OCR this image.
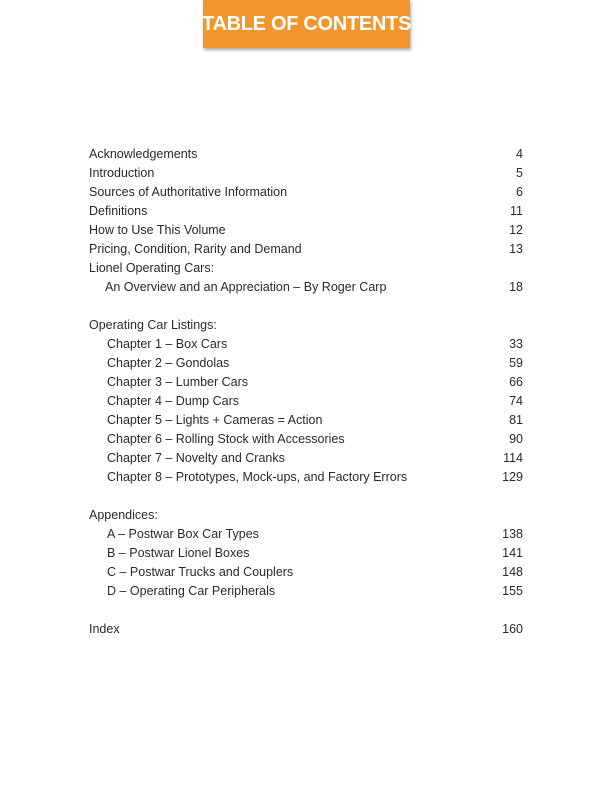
TABLE OF CONTENTS
Acknowledgements	4
Introduction	5
Sources of Authoritative Information	6
Definitions	11
How to Use This Volume	12
Pricing, Condition, Rarity and Demand	13
Lionel Operating Cars:
An Overview and an Appreciation – By Roger Carp	18
Operating Car Listings:
Chapter 1 – Box Cars	33
Chapter 2 – Gondolas	59
Chapter 3 – Lumber Cars	66
Chapter 4 – Dump Cars	74
Chapter 5 – Lights + Cameras = Action	81
Chapter 6 – Rolling Stock with Accessories	90
Chapter 7 – Novelty and Cranks	114
Chapter 8 – Prototypes, Mock-ups, and Factory Errors	129
Appendices:
A – Postwar Box Car Types	138
B – Postwar Lionel Boxes	141
C – Postwar Trucks and Couplers	148
D – Operating Car Peripherals	155
Index	160
